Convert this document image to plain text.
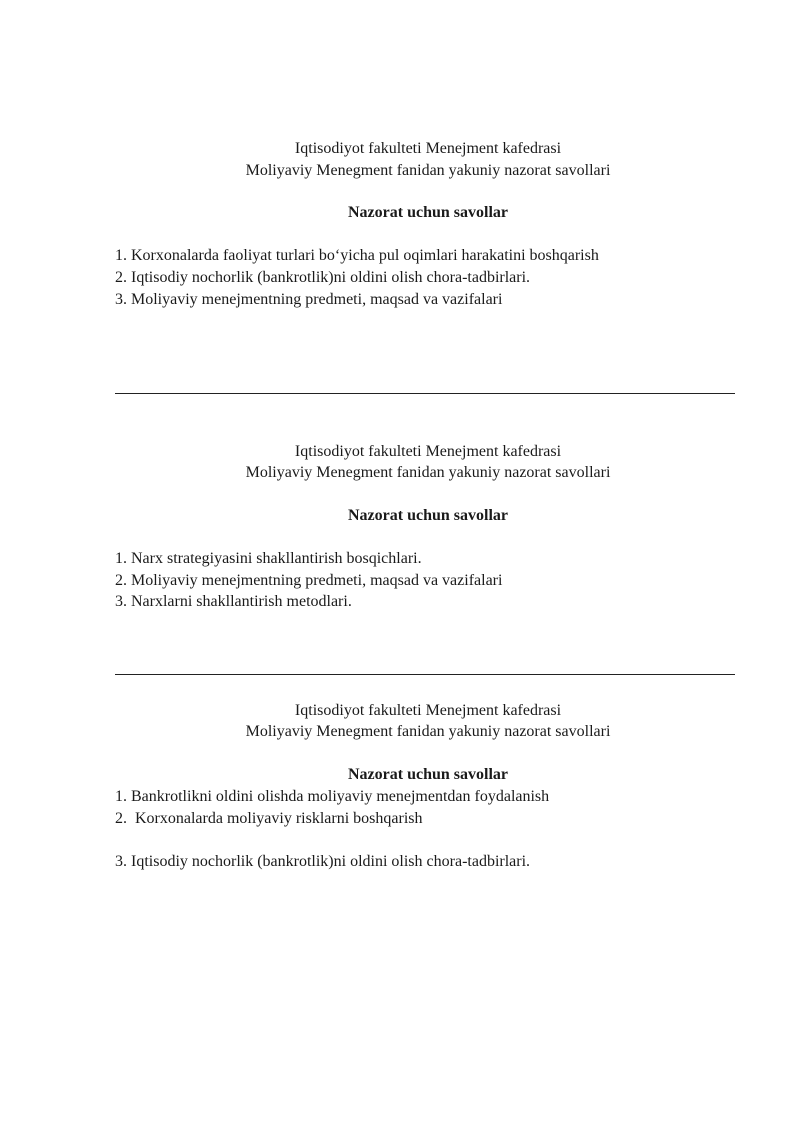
Iqtisodiyot fakulteti Menejment kafedrasi
Moliyaviy Menegment fanidan yakuniy nazorat savollari
Nazorat uchun savollar
1. Korxonalarda faoliyat turlari bo‘yicha pul oqimlari harakatini boshqarish
2. Iqtisodiy nochorlik (bankrotlik)ni oldini olish chora-tadbirlari.
3. Moliyaviy menejmentning predmeti, maqsad va vazifalari
Iqtisodiyot fakulteti Menejment kafedrasi
Moliyaviy Menegment fanidan yakuniy nazorat savollari
Nazorat uchun savollar
1. Narx strategiyasini shakllantirish bosqichlari.
2. Moliyaviy menejmentning predmeti, maqsad va vazifalari
3. Narxlarni shakllantirish metodlari.
Iqtisodiyot fakulteti Menejment kafedrasi
Moliyaviy Menegment fanidan yakuniy nazorat savollari
Nazorat uchun savollar
1. Bankrotlikni oldini olishda moliyaviy menejmentdan foydalanish
2.  Korxonalarda moliyaviy risklarni boshqarish
3. Iqtisodiy nochorlik (bankrotlik)ni oldini olish chora-tadbirlari.
